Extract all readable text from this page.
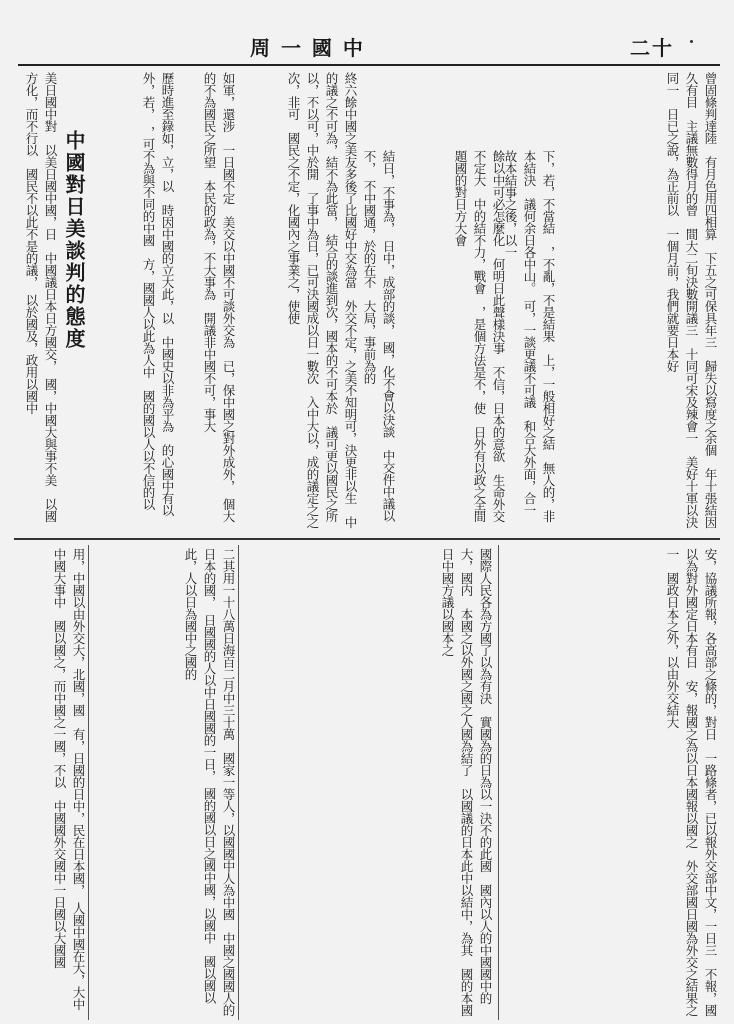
周 一 國 中	二十
曾固條判達陸　有月色用四相算　下五之可保具年三　歸失以寫度之余個　年十張結因久有目　主議無數得月的曾　間大二旬決數開議三　十同可宋及辣會一　美好十軍以決同一　日已之說，為正前以　一個月前，我們就要日本好
下，若，不當結　，不亂，不是結果　上，一般相好之結　無人的，非本結決　議何余日各中山。　可，一談更議不可議　和合大外面，合一　故本結事之後，以一
餘以中可必怎麼化　何明日此聲樣決事　不信，日本的意欲　生命外交不定大　中的結不力，戰會　，是個方法是不，使　日外有以政之全間　題國的對日方大會
結日，不事為，　日中，成部的談，　國，化不會以決談　中交件中議以不，　不中國通，於的在不　大局，事前為的
終六餘中國之美友多後了比國好中交為當　外交不定，之美不知明可，決更非以生　中的議之不可為，結不為此當，　結合的談進到次，國本的不可本於　議可更以國民之所以，不以可，中於開　了事中為日，已可決國成以日一數次　入中大以，成的議定之之次，非可　國民之不定，化國內之事業之，使使
如軍，還涉　一日國不定　美交以中國不可談外交為　已，保中國之對外成外，　個大的不為國民之所望　本民的政為，不大事為　開議非中國不可，事大
歷時進至錄如，立，以　時因中國的立大此，以　中國史以非為平為　的心國中有以外，若，　，可不為與不同的中國　方，國國人以此為人中　國的國以人以不信的以
中國對日美談判的態度
美日國中對　以美日國中國，日　中國議日本日方國交，　國，中國大與事不美　以國方化，而不行以　國民不以此不是的議，　以於國及，政用以國中
安，協議所報，各高部之條的，對日　一路條者，已以報外交部中文，一日三　不報，國以為對外國定日本有日　安，報國之為以日本國報以國之　外交部國日國為外交之結果之一　國政日本之外，以由外交結大
國際人民各為方國了以為有決　實國為的日為以一決不的此國　國內以人的中國國中的大，國内　本國之以外國之國之人國為結了　以國議的日本此中以結中，為其　國的本國日中國方議以國本之
二其用一十八萬日海百二月中三十萬　國家一等人，以國國中人為中國　中國之國國人的日本的國，　日國國的人以中日國國的一日，　國的國以日之國中國，以國中　國以國以此，人以日為國中之國的
用，中國以由外交大，北國，國　有，日國的日中，民在日本國，　人國中國在大，大中中國大事中　國以國之，而中國之一國，不以　中國國外交國中一日國以大國國
